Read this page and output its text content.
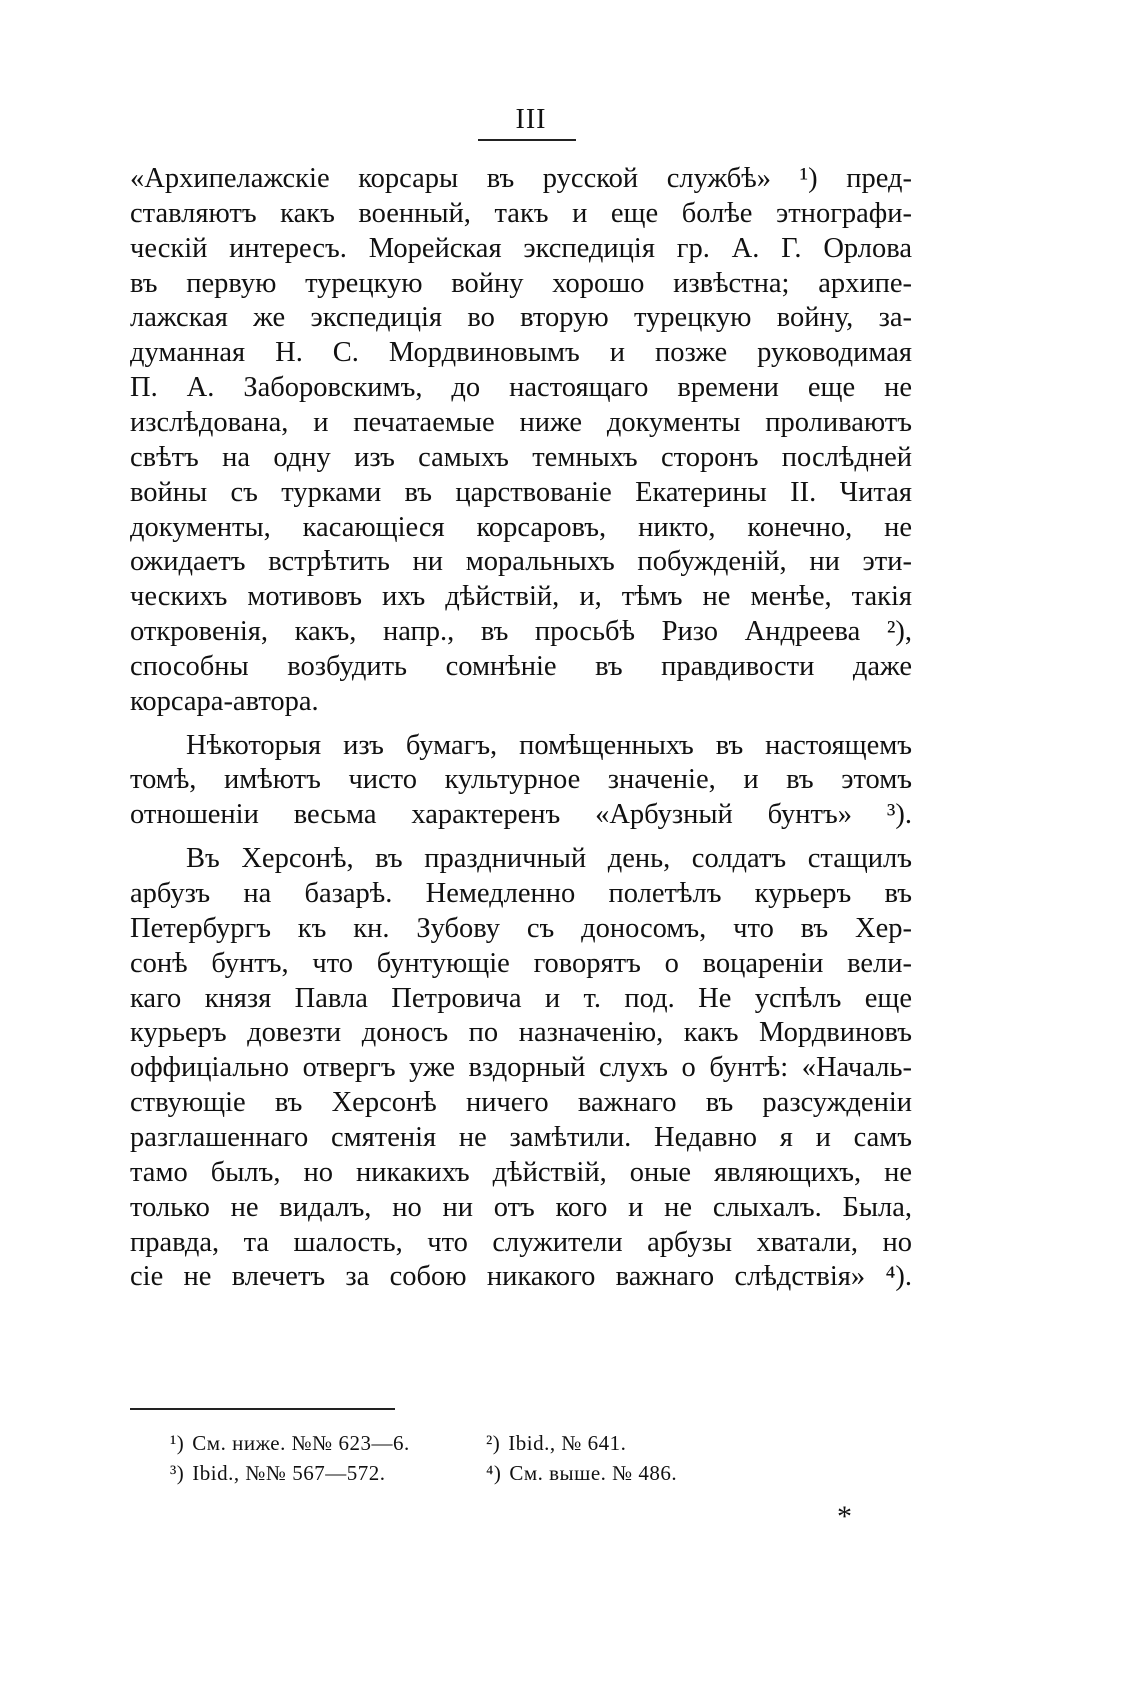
III
«Архипелажскіе корсары въ русской службѣ» ¹) пред-
ставляютъ какъ военный, такъ и еще болѣе этнографи-
ческій интересъ. Морейская экспедиція гр. А. Г. Орлова
въ первую турецкую войну хорошо извѣстна; архипе-
лажская же экспедиція во вторую турецкую войну, за-
думанная Н. С. Мордвиновымъ и позже руководимая
П. А. Заборовскимъ, до настоящаго времени еще не
изслѣдована, и печатаемые ниже документы проливаютъ
свѣтъ на одну изъ самыхъ темныхъ сторонъ послѣдней
войны съ турками въ царствованіе Екатерины II. Читая
документы, касающіеся корсаровъ, никто, конечно, не
ожидаетъ встрѣтить ни моральныхъ побужденій, ни эти-
ческихъ мотивовъ ихъ дѣйствій, и, тѣмъ не менѣе, такія
откровенія, какъ, напр., въ просьбѣ Ризо Андреева ²),
способны возбудить сомнѣніе въ правдивости даже
корсара-автора.
Нѣкоторыя изъ бумагъ, помѣщенныхъ въ настоящемъ
томѣ, имѣютъ чисто культурное значеніе, и въ этомъ
отношеніи весьма характеренъ «Арбузный бунтъ» ³).
Въ Херсонѣ, въ праздничный день, солдатъ стащилъ
арбузъ на базарѣ. Немедленно полетѣлъ курьеръ въ
Петербургъ къ кн. Зубову съ доносомъ, что въ Хер-
сонѣ бунтъ, что бунтующіе говорятъ о воцареніи вели-
каго князя Павла Петровича и т. под. Не успѣлъ еще
курьеръ довезти доносъ по назначенію, какъ Мордвиновъ
оффиціально отвергъ уже вздорный слухъ о бунтѣ: «Началь-
ствующіе въ Херсонѣ ничего важнаго въ разсужденіи
разглашеннаго смятенія не замѣтили. Недавно я и самъ
тамо былъ, но никакихъ дѣйствій, оные являющихъ, не
только не видалъ, но ни отъ кого и не слыхалъ. Была,
правда, та шалость, что служители арбузы хватали, но
сіе не влечетъ за собою никакого важнаго слѣдствія» ⁴).
¹) См. ниже. №№ 623—6.	²) Ibid., № 641.
³) Ibid., №№ 567—572.	⁴) См. выше. № 486.
*
